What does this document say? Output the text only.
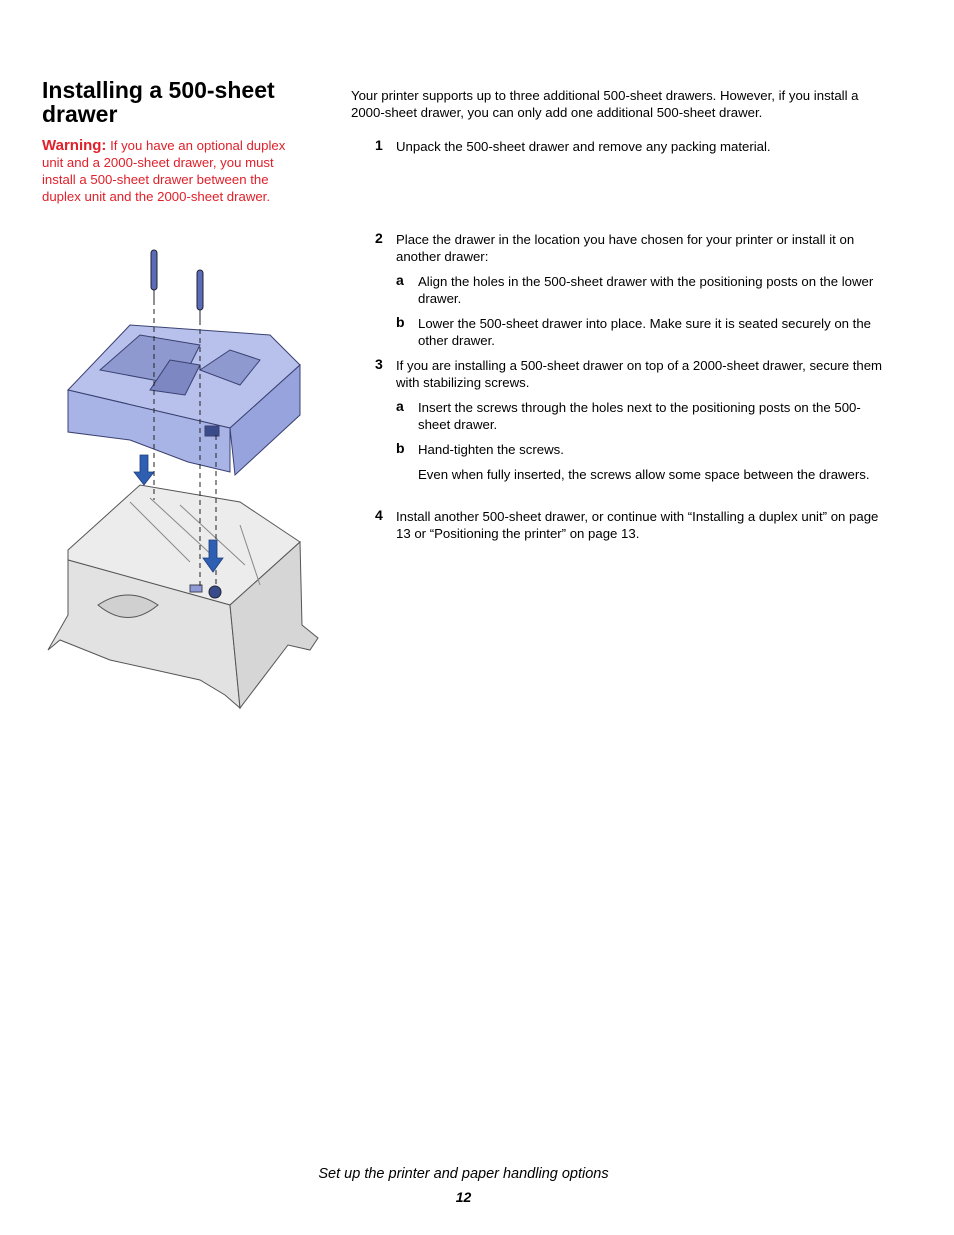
Installing a 500-sheet drawer
Warning: If you have an optional duplex unit and a 2000-sheet drawer, you must install a 500-sheet drawer between the duplex unit and the 2000-sheet drawer.
Your printer supports up to three additional 500-sheet drawers. However, if you install a 2000-sheet drawer, you can only add one additional 500-sheet drawer.
1 Unpack the 500-sheet drawer and remove any packing material.
2 Place the drawer in the location you have chosen for your printer or install it on another drawer:
a Align the holes in the 500-sheet drawer with the positioning posts on the lower drawer.
b Lower the 500-sheet drawer into place. Make sure it is seated securely on the other drawer.
3 If you are installing a 500-sheet drawer on top of a 2000-sheet drawer, secure them with stabilizing screws.
a Insert the screws through the holes next to the positioning posts on the 500-sheet drawer.
b Hand-tighten the screws.
Even when fully inserted, the screws allow some space between the drawers.
4 Install another 500-sheet drawer, or continue with “Installing a duplex unit” on page 13 or “Positioning the printer” on page 13.
Set up the printer and paper handling options
12
